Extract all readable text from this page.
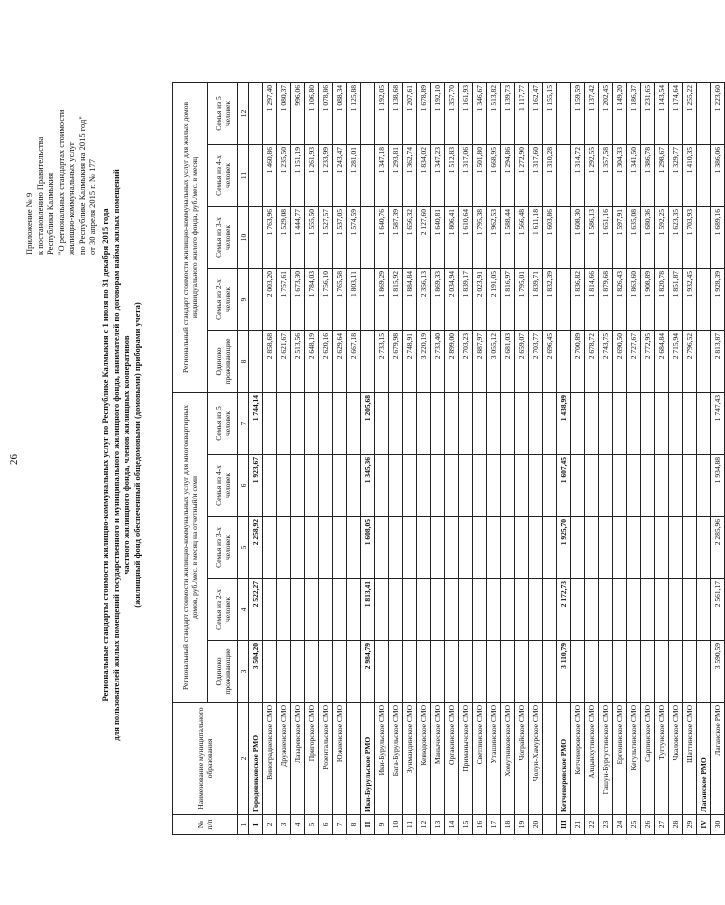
26
Приложение № 9 к постановлению Правительства Республики Калмыкия "О региональных стандартах стоимости жилищно-коммунальных услуг по Республике Калмыкия на 2015 год" от 30 апреля 2015 г. № 177
Региональные стандарты стоимости жилищно-коммунальных услуг по Республике Калмыкия с 1 июля по 31 декабря 2015 года для пользователей жилых помещений государственного и муниципального жилищного фонда, нанимателей по договорам найма жилых помещений частного жилищного фонда, членов жилищных кооперативов (жилищный фонд обеспеченный общедомовыми (домовыми) приборами учета)
№ п/п	Наименование муниципального образования	Региональный стандарт стоимости жилищно-коммунальных услуг для многоквартирных домов, руб./мес. в месяц на отчетный/и семи					Региональный стандарт стоимости жилищно-коммунальных услуг для жилых домов индивидуального жилого фонда, руб./мес. в месяц				
		Одиноко проживающие	Семья из 2-х человек	Семья из 3-х человек	Семья из 4-х человек	Семья из 5 человек	Одиноко проживающие	Семья из 2-х человек	Семья из 3-х человек	Семья из 4-х человек	Семья из 5 человек
1	2	3	4	5	6	7	8	9	10	11	12
I	Городовиковское РМО	3 504,20	2 522,27	2 258,92	1 923,67	1 744,14					
2	Виноградненское СМО						2 858,68	2 003,20	1 763,96	1 460,86	1 297,40
3	Дружненское СМО						2 621,67	1 757,61	1 529,08	1 235,50	1 080,37
4	Лазаревское СМО						2 513,56	1 673,30	1 444,77	1 151,19	996,06
5	Пригорское СМО						2 648,19	1 784,03	1 555,50	1 261,93	1 106,80
6	Розентальское СМО						2 620,16	1 756,10	1 527,57	1 233,99	1 078,86
7	Южненское СМО						2 629,64	1 765,58	1 537,05	1 243,47	1 088,34
8							2 667,18	1 803,11	1 574,59	1 281,01	1 125,88
II	Ики-Бурульское РМО	2 984,79	1 813,41	1 608,05	1 345,36	1 205,68					
9	Ики-Бурульское СМО						2 733,15	1 869,29	1 640,76	1 347,18	1 192,05
10	Бага-Бурульское СМО						2 679,98	1 815,92	1 587,39	1 293,81	1 138,68
11	Зунмандинское СМО						2 748,91	1 884,84	1 656,32	1 362,74	1 207,61
12	Кевюдовское СМО						3 220,19	2 356,13	2 127,60	1 834,02	1 678,89
13	Маныческое СМО						2 733,40	1 869,33	1 640,81	1 347,23	1 192,10
14	Оргакинское СМО						2 899,00	2 034,94	1 806,41	1 512,83	1 357,70
15	Приманычское СМО						2 703,23	1 839,17	1 610,64	1 317,06	1 161,93
16	Светлинское СМО						2 887,97	2 023,91	1 795,38	1 501,80	1 346,67
17	Уташинское СМО						3 055,12	2 191,05	1 962,53	1 668,95	1 513,82
18	Хомутниковское СМО						2 681,03	1 816,97	1 588,44	1 294,86	1 139,73
19	Чограйское СМО						2 659,07	1 795,01	1 566,48	1 272,90	1 117,77
20	Чолун-Хамурское СМО						2 703,77	1 839,71	1 611,18	1 317,60	1 162,47
							2 696,45	1 832,39	1 603,86	1 310,28	1 155,15
III	Кетченеровское РМО	3 110,79	2 172,73	1 925,70	1 607,45	1 438,99					
21	Кетченеровское СМО						2 700,89	1 836,82	1 608,30	1 314,72	1 159,59
22	Алцынхутинское СМО						2 678,72	1 814,66	1 586,13	1 292,55	1 137,42
23	Гашун-Бургустинское СМО						2 743,75	1 879,68	1 651,16	1 357,58	1 202,45
24	Ергенинское СМО						2 690,50	1 826,43	1 597,91	1 304,33	1 149,20
25	Кегультинское СМО						2 727,67	1 863,60	1 635,08	1 341,50	1 186,37
26	Сарпинское СМО						2 772,95	1 908,89	1 680,36	1 386,78	1 231,65
27	Тугтунское СМО						2 684,84	1 820,78	1 592,25	1 298,67	1 143,54
28	Чкаловское СМО						2 715,94	1 851,87	1 623,35	1 329,77	1 174,64
29	Шаттинское СМО						2 796,52	1 932,45	1 703,93	1 410,35	1 255,22
IV	Лаганское РМО										
30	Лаганское РМО	3 590,59	2 561,17	2 285,96	1 934,88	1 747,43	2 813,87	1 928,39	1 689,16	1 386,06	1 223,60
